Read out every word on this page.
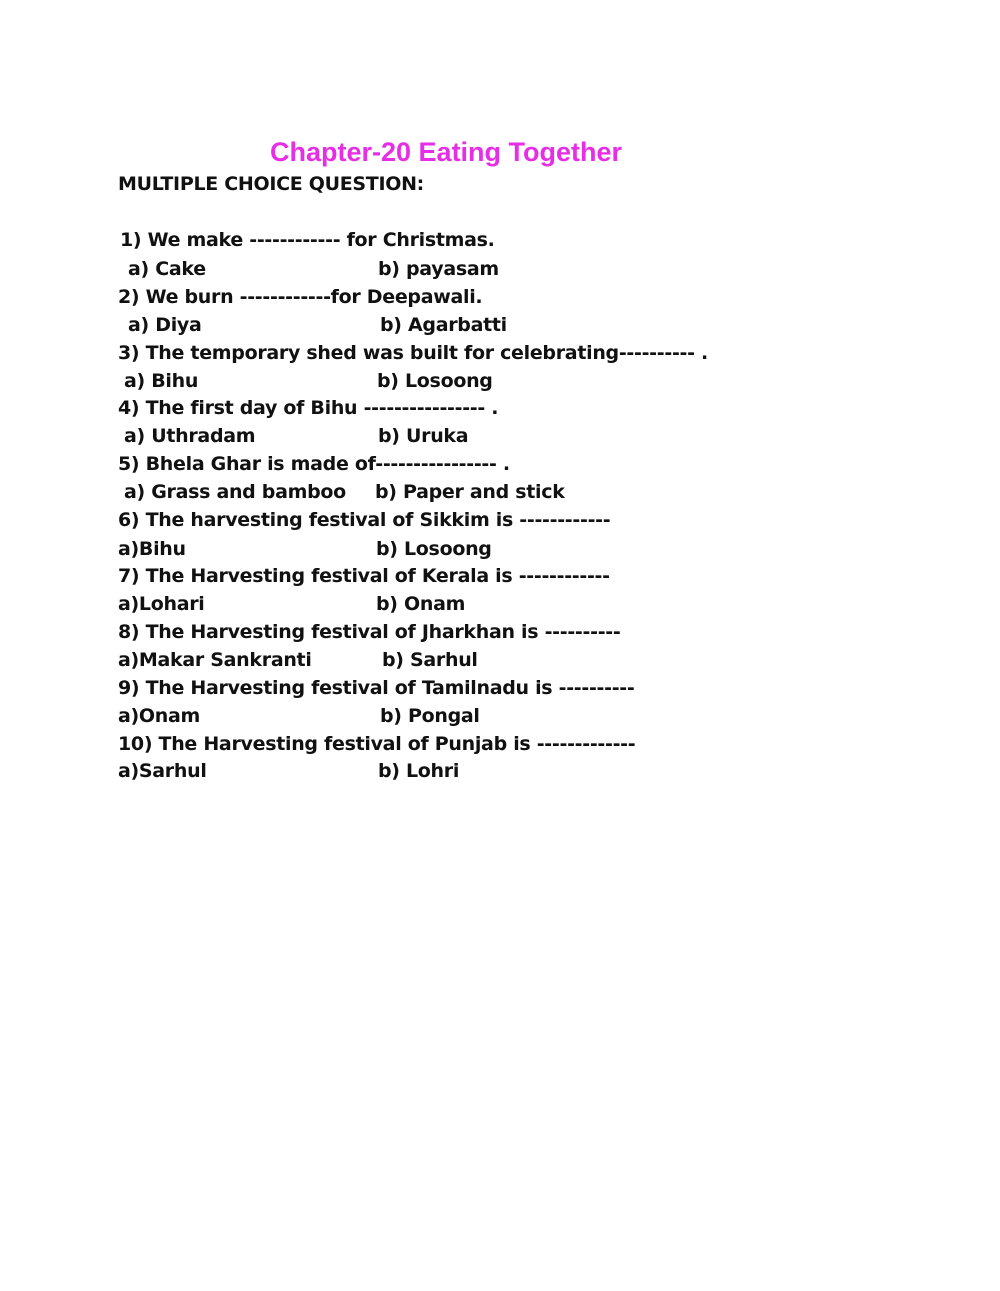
Chapter-20 Eating Together
MULTIPLE CHOICE QUESTION:
1) We make ------------ for Christmas.
a) Cake	b) payasam
2) We burn ------------for Deepawali.
a) Diya	b) Agarbatti
3) The temporary shed was built for celebrating---------- .
a) Bihu	b) Losoong
4) The first day of Bihu ---------------- .
a) Uthradam	b) Uruka
5) Bhela Ghar is made of---------------- .
a) Grass and bamboo b) Paper and stick
6) The harvesting festival of Sikkim is ------------
a)Bihu	b) Losoong
7) The Harvesting festival of Kerala is ------------
a)Lohari	b) Onam
8) The Harvesting festival of Jharkhan is ----------
a)Makar Sankranti	b) Sarhul
9) The Harvesting festival of Tamilnadu is ----------
a)Onam	b) Pongal
10) The Harvesting festival of Punjab is -------------
a)Sarhul	b) Lohri
